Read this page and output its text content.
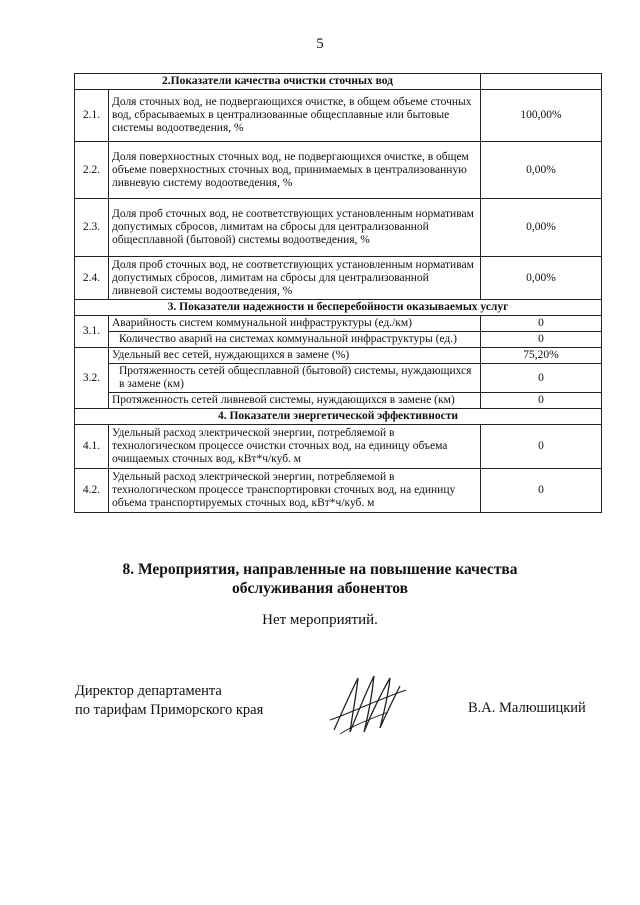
5
2.Показатели качества очистки сточных вод		
2.1.	Доля сточных вод, не подвергающихся очистке, в общем объеме сточных вод, сбрасываемых в централизованные общесплавные или бытовые системы водоотведения, %	100,00%
2.2.	Доля поверхностных сточных вод, не подвергающихся очистке, в общем объеме поверхностных сточных вод, принимаемых в централизованную ливневую систему водоотведения, %	0,00%
2.3.	Доля проб сточных вод, не соответствующих установленным нормативам допустимых сбросов, лимитам на сбросы для централизованной общесплавной (бытовой) системы водоотведения, %	0,00%
2.4.	Доля проб сточных вод, не соответствующих установленным нормативам допустимых сбросов, лимитам на сбросы для централизованной ливневой системы водоотведения, %	0,00%
3. Показатели надежности и бесперебойности оказываемых услуг		
3.1.	Аварийность систем коммунальной инфраструктуры (ед./км)	0
	Количество аварий на системах коммунальной инфраструктуры (ед.)	0
3.2.	Удельный вес сетей, нуждающихся в замене (%)	75,20%
	Протяженность сетей общесплавной (бытовой) системы, нуждающихся в замене (км)	0
	Протяженность сетей ливневой системы, нуждающихся в замене (км)	0
4. Показатели энергетической эффективности		
4.1.	Удельный расход электрической энергии, потребляемой в технологическом процессе очистки сточных вод, на единицу объема очищаемых сточных вод, кВт*ч/куб. м	0
4.2.	Удельный расход электрической энергии, потребляемой в технологическом процессе транспортировки сточных вод, на единицу объема транспортируемых сточных вод, кВт*ч/куб. м	0
8. Мероприятия, направленные на повышение качества
обслуживания абонентов
Нет мероприятий.
Директор департамента
по тарифам Приморского края	В.А. Малюшицкий
